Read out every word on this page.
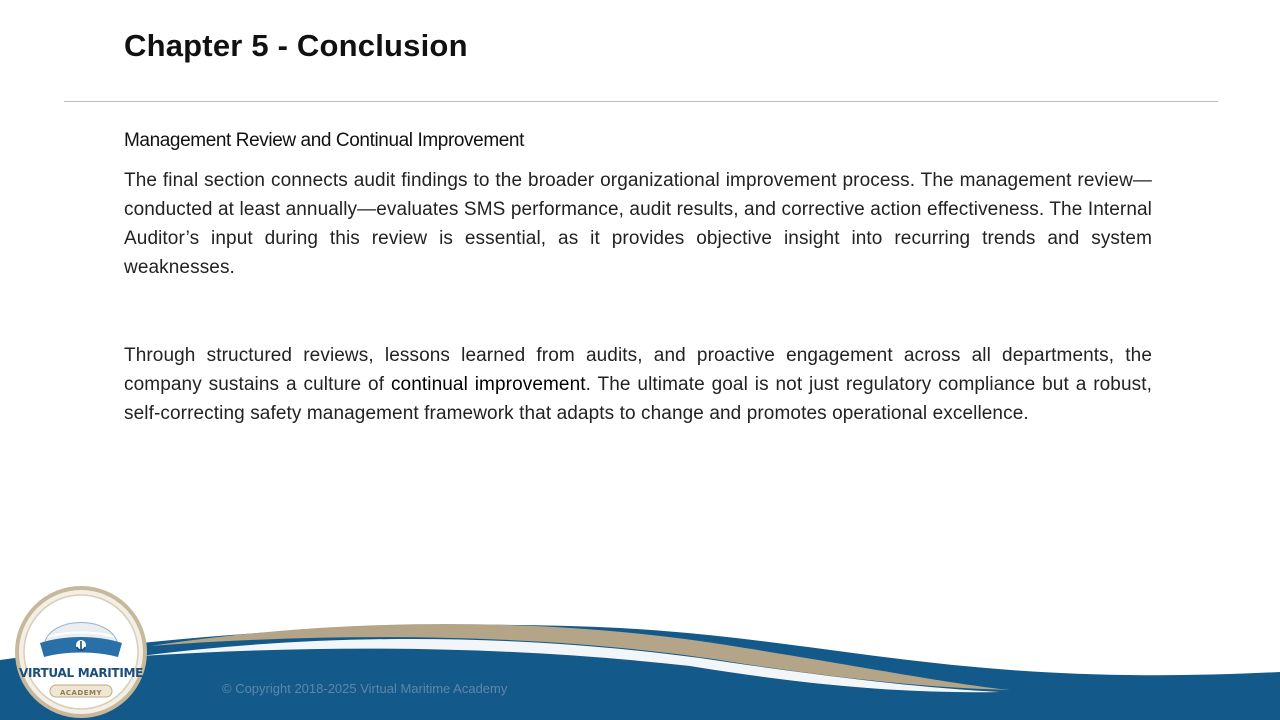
Chapter 5 - Conclusion
Management Review and Continual Improvement

The final section connects audit findings to the broader organizational improvement process. The management review—conducted at least annually—evaluates SMS performance, audit results, and corrective action effectiveness. The Internal Auditor’s input during this review is essential, as it provides objective insight into recurring trends and system weaknesses.

Through structured reviews, lessons learned from audits, and proactive engagement across all departments, the company sustains a culture of continual improvement. The ultimate goal is not just regulatory compliance but a robust, self-correcting safety management framework that adapts to change and promotes operational excellence.

© Copyright 2018-2025 Virtual Maritime Academy
VIRTUAL MARITIME
ACADEMY
